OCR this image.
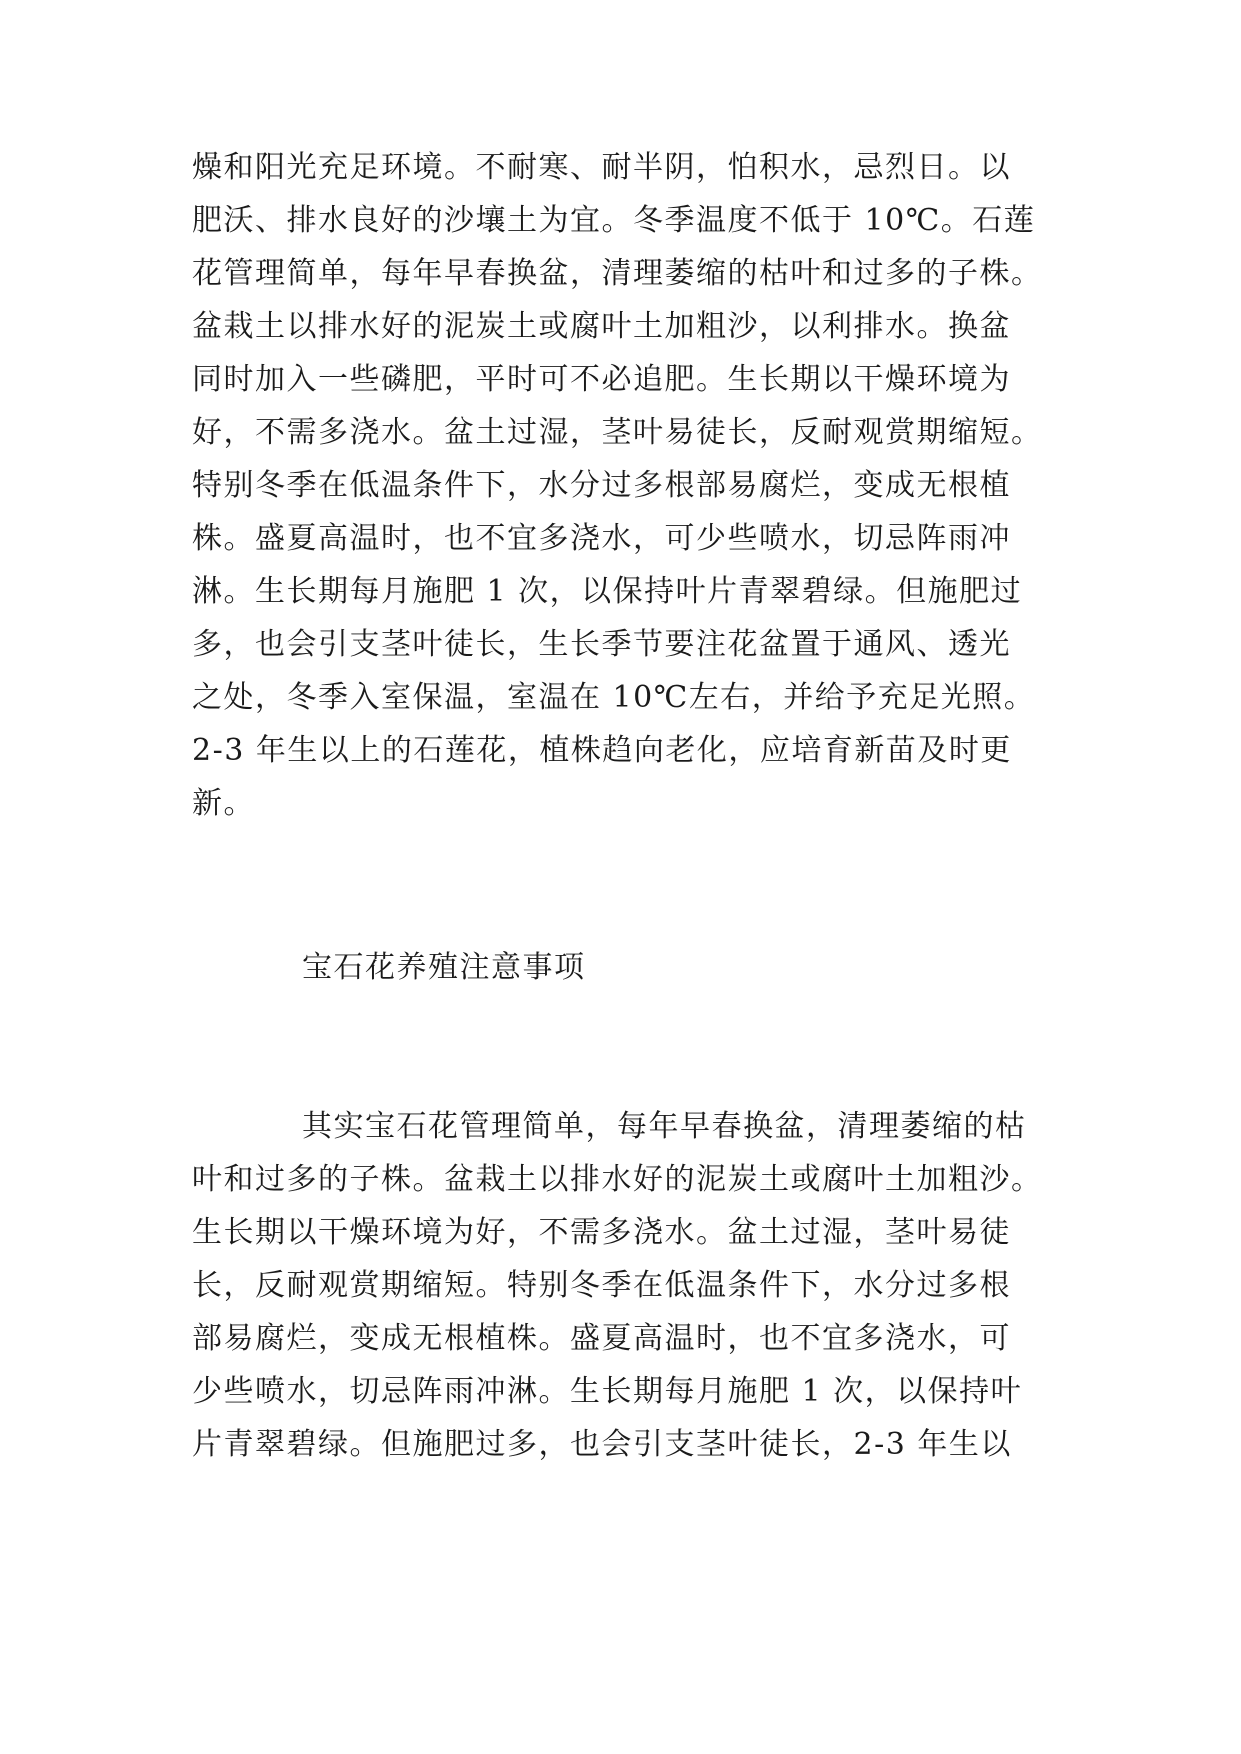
燥和阳光充足环境。不耐寒、耐半阴，怕积水，忌烈日。以
肥沃、排水良好的沙壤土为宜。冬季温度不低于 10℃。石莲
花管理简单，每年早春换盆，清理萎缩的枯叶和过多的子株。
盆栽土以排水好的泥炭土或腐叶土加粗沙，以利排水。换盆
同时加入一些磷肥，平时可不必追肥。生长期以干燥环境为
好，不需多浇水。盆土过湿，茎叶易徒长，反耐观赏期缩短。
特别冬季在低温条件下，水分过多根部易腐烂，变成无根植
株。盛夏高温时，也不宜多浇水，可少些喷水，切忌阵雨冲
淋。生长期每月施肥 1 次，以保持叶片青翠碧绿。但施肥过
多，也会引支茎叶徒长，生长季节要注花盆置于通风、透光
之处，冬季入室保温，室温在 10℃左右，并给予充足光照。
2-3 年生以上的石莲花，植株趋向老化，应培育新苗及时更
新。
宝石花养殖注意事项
其实宝石花管理简单，每年早春换盆，清理萎缩的枯
叶和过多的子株。盆栽土以排水好的泥炭土或腐叶土加粗沙。
生长期以干燥环境为好，不需多浇水。盆土过湿，茎叶易徒
长，反耐观赏期缩短。特别冬季在低温条件下，水分过多根
部易腐烂，变成无根植株。盛夏高温时，也不宜多浇水，可
少些喷水，切忌阵雨冲淋。生长期每月施肥 1 次，以保持叶
片青翠碧绿。但施肥过多，也会引支茎叶徒长，2-3 年生以
